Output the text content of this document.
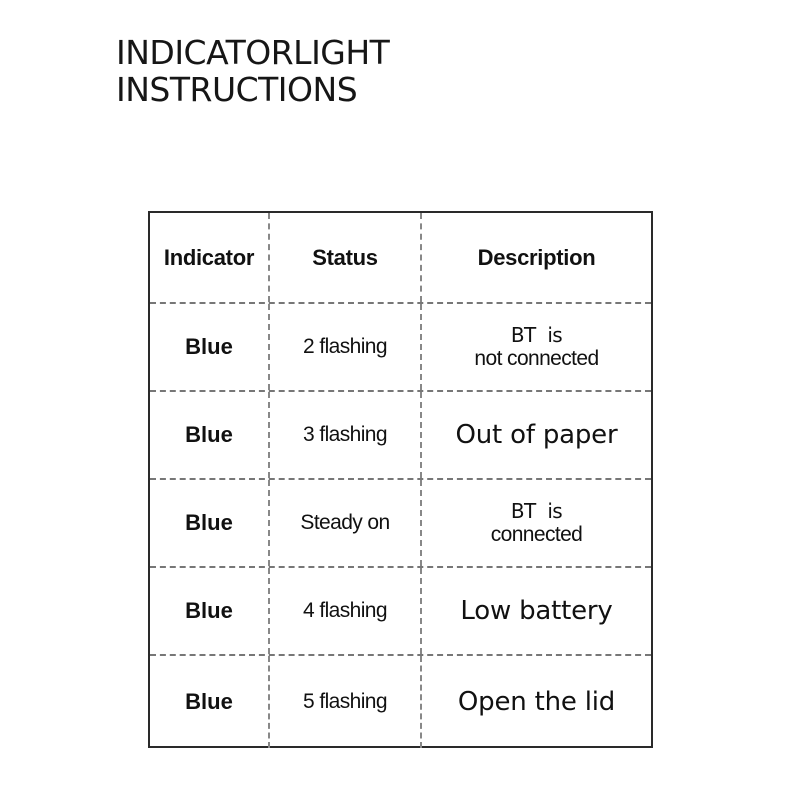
INDICATORLIGHT
INSTRUCTIONS
Indicator	Status	Description
Blue	2 flashing	BT is
not connected
Blue	3 flashing	Out of paper
Blue	Steady on	BT is
connected
Blue	4 flashing	Low battery
Blue	5 flashing	Open the lid
